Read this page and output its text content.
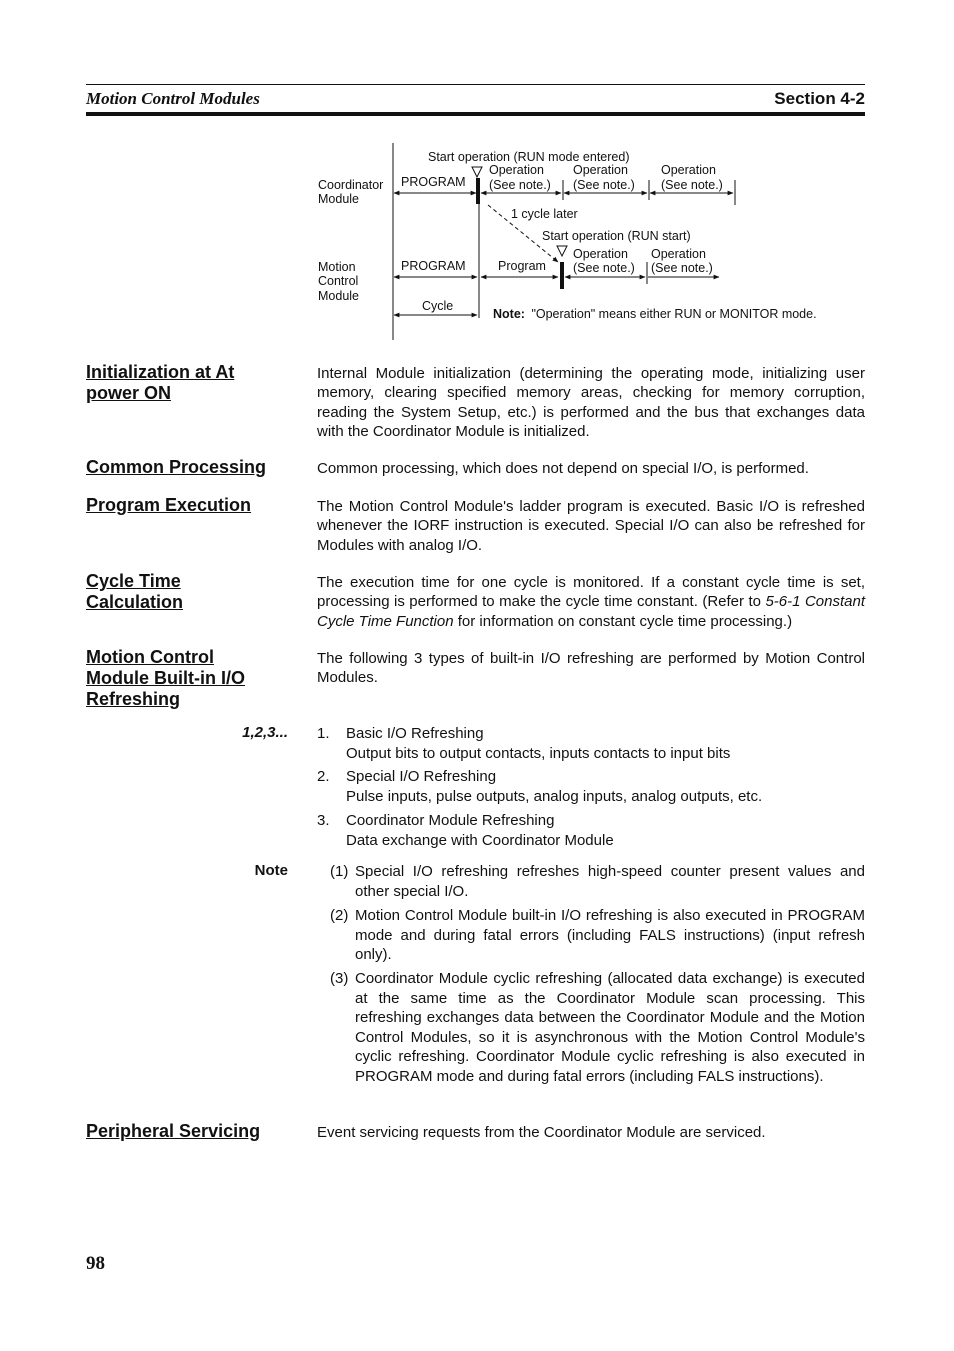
Motion Control Modules	Section 4-2
Start operation (RUN mode entered)
Coordinator
Module
PROGRAM
Operation
(See note.)
Operation
(See note.)
Operation
(See note.)
1 cycle later
Start operation (RUN start)
Motion
Control
Module
PROGRAM	Program
Operation
(See note.)
Operation
(See note.)
Cycle
Note: "Operation" means either RUN or MONITOR mode.
Initialization at At
power ON
Internal Module initialization (determining the operating mode, initializing user memory, clearing specified memory areas, checking for memory corruption, reading the System Setup, etc.) is performed and the bus that exchanges data with the Coordinator Module is initialized.
Common Processing	Common processing, which does not depend on special I/O, is performed.
Program Execution	The Motion Control Module's ladder program is executed. Basic I/O is refreshed whenever the IORF instruction is executed. Special I/O can also be refreshed for Modules with analog I/O.
Cycle Time
Calculation
The execution time for one cycle is monitored. If a constant cycle time is set, processing is performed to make the cycle time constant. (Refer to 5-6-1 Constant Cycle Time Function for information on constant cycle time processing.)
Motion Control
Module Built-in I/O
Refreshing
The following 3 types of built-in I/O refreshing are performed by Motion Control Modules.
1,2,3... 1. Basic I/O Refreshing
Output bits to output contacts, inputs contacts to input bits
2. Special I/O Refreshing
Pulse inputs, pulse outputs, analog inputs, analog outputs, etc.
3. Coordinator Module Refreshing
Data exchange with Coordinator Module
Note	(1) Special I/O refreshing refreshes high-speed counter present values and other special I/O.
(2) Motion Control Module built-in I/O refreshing is also executed in PROGRAM mode and during fatal errors (including FALS instructions) (input refresh only).
(3) Coordinator Module cyclic refreshing (allocated data exchange) is executed at the same time as the Coordinator Module scan processing. This refreshing exchanges data between the Coordinator Module and the Motion Control Modules, so it is asynchronous with the Motion Control Module's cyclic refreshing. Coordinator Module cyclic refreshing is also executed in PROGRAM mode and during fatal errors (including FALS instructions).
Peripheral Servicing	Event servicing requests from the Coordinator Module are serviced.
98
